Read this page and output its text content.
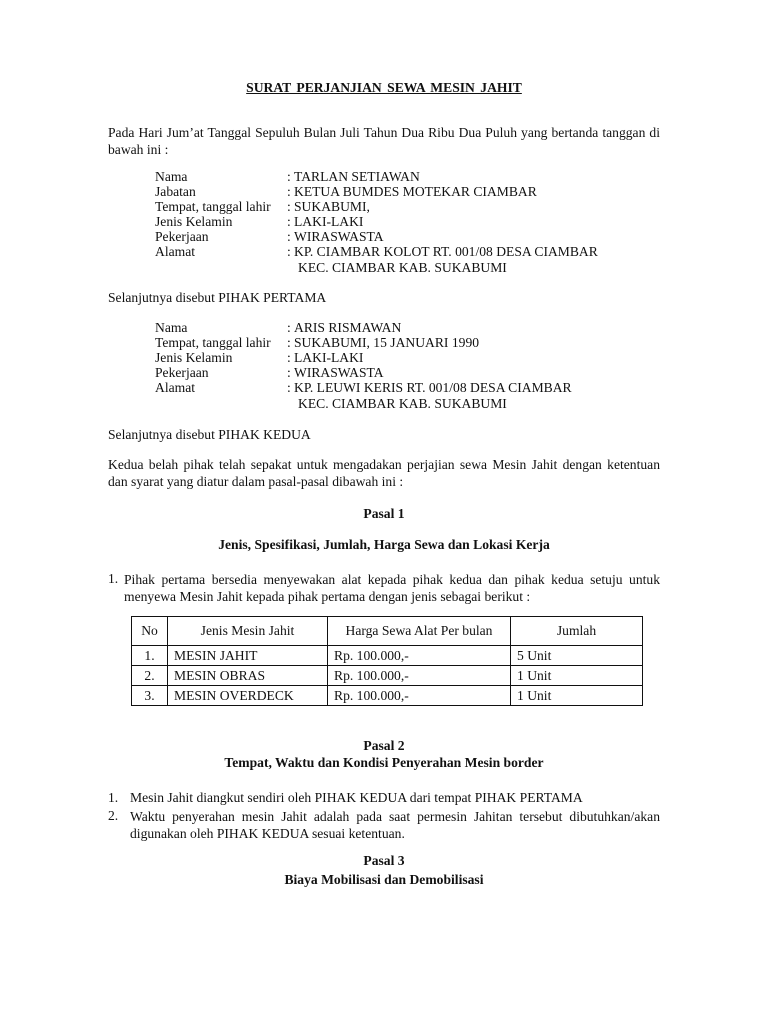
SURAT PERJANJIAN SEWA MESIN JAHIT
Pada Hari Jum’at Tanggal Sepuluh Bulan Juli Tahun Dua Ribu Dua Puluh yang bertanda tanggan di bawah ini :
Nama	: TARLAN SETIAWAN
Jabatan	: KETUA BUMDES MOTEKAR CIAMBAR
Tempat, tanggal lahir : SUKABUMI,
Jenis Kelamin	: LAKI-LAKI
Pekerjaan	: WIRASWASTA
Alamat	: KP. CIAMBAR KOLOT RT. 001/08 DESA CIAMBAR
KEC. CIAMBAR KAB. SUKABUMI
Selanjutnya disebut PIHAK PERTAMA
Nama	: ARIS RISMAWAN
Tempat, tanggal lahir : SUKABUMI, 15 JANUARI 1990
Jenis Kelamin	: LAKI-LAKI
Pekerjaan	: WIRASWASTA
Alamat	: KP. LEUWI KERIS RT. 001/08 DESA CIAMBAR
KEC. CIAMBAR KAB. SUKABUMI
Selanjutnya disebut PIHAK KEDUA
Kedua belah pihak telah sepakat untuk mengadakan perjajian sewa Mesin Jahit dengan ketentuan dan syarat yang diatur dalam pasal-pasal dibawah ini :
Pasal 1
Jenis, Spesifikasi, Jumlah, Harga Sewa dan Lokasi Kerja
1. Pihak pertama bersedia menyewakan alat kepada pihak kedua dan pihak kedua setuju untuk menyewa Mesin Jahit kepada pihak pertama dengan jenis sebagai berikut :
No	Jenis Mesin Jahit	Harga Sewa Alat Per bulan	Jumlah
1.	MESIN JAHIT	Rp. 100.000,-	5 Unit
2.	MESIN OBRAS	Rp. 100.000,-	1 Unit
3.	MESIN OVERDECK	Rp. 100.000,-	1 Unit
Pasal 2
Tempat, Waktu dan Kondisi Penyerahan Mesin border
1. Mesin Jahit diangkut sendiri oleh PIHAK KEDUA dari tempat PIHAK PERTAMA
2. Waktu penyerahan mesin Jahit adalah pada saat permesin Jahitan tersebut dibutuhkan/akan digunakan oleh PIHAK KEDUA sesuai ketentuan.
Pasal 3
Biaya Mobilisasi dan Demobilisasi
